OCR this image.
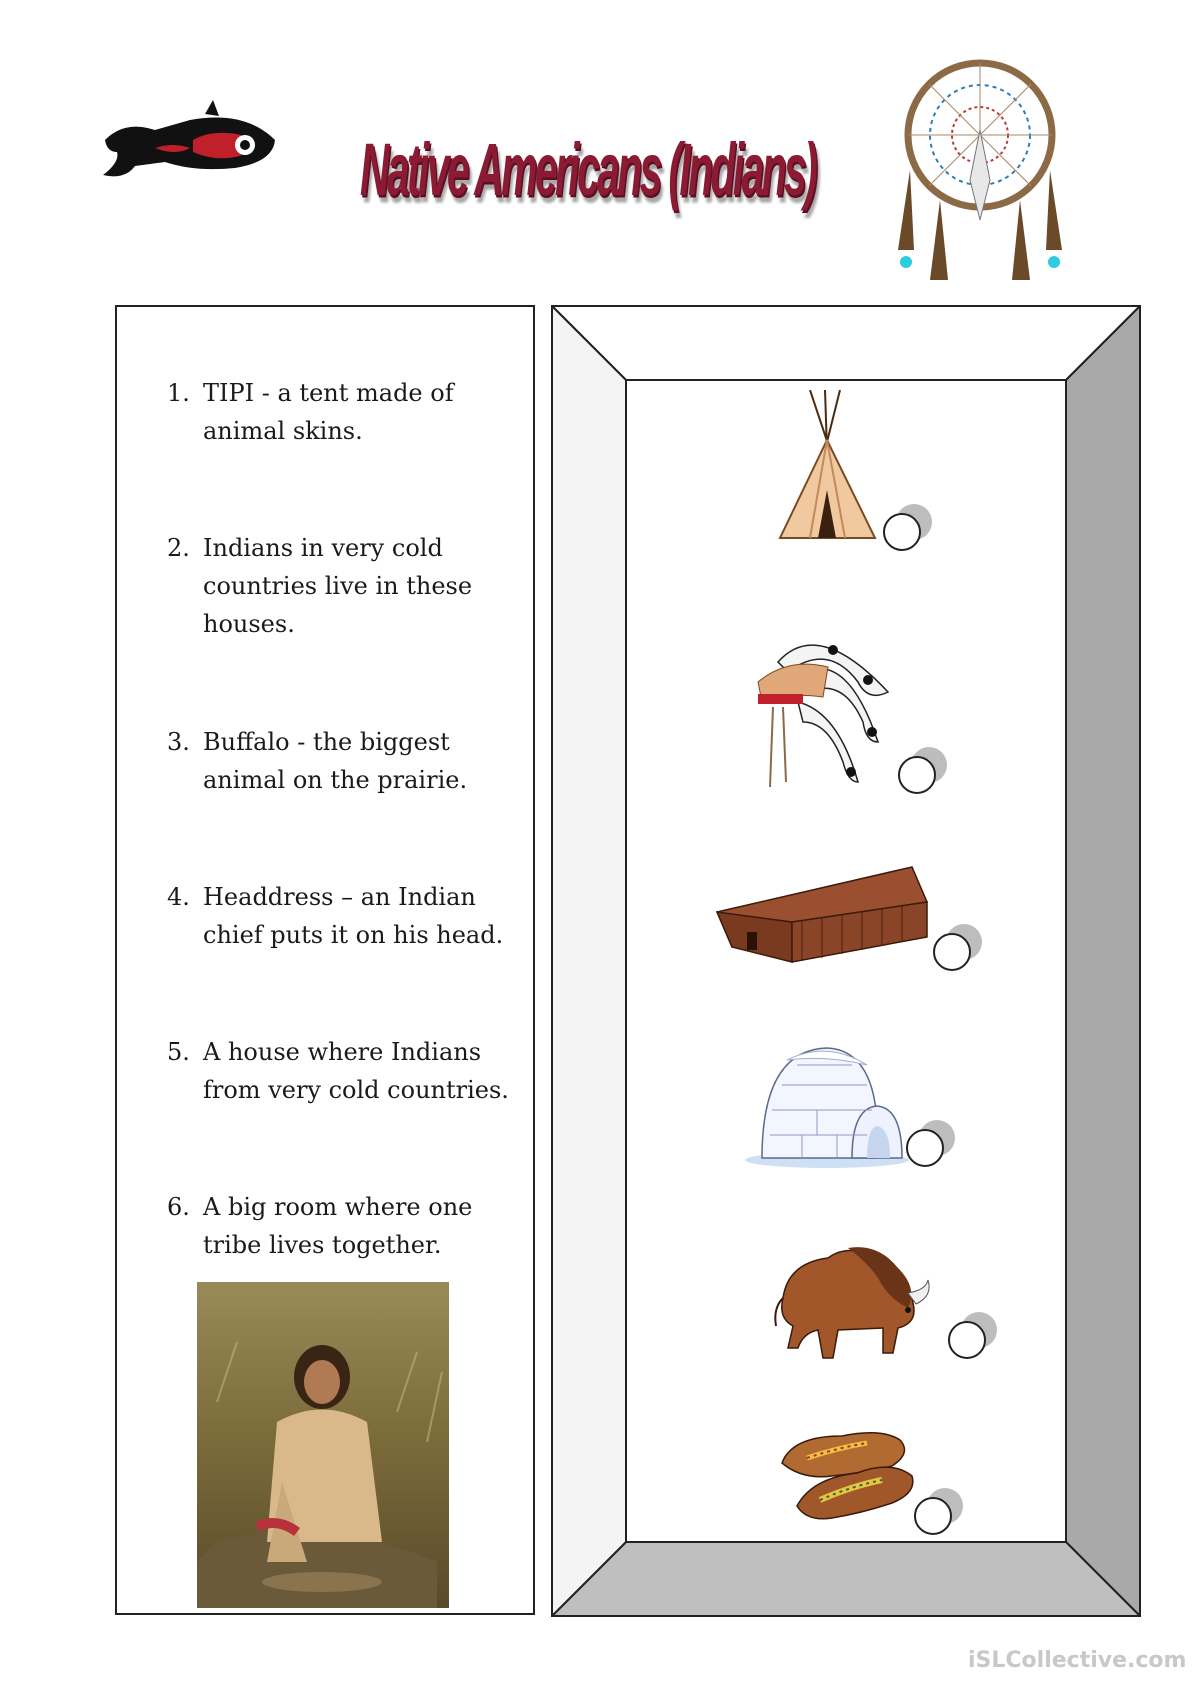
Native Americans (Indians)
1. TIPI - a tent made of animal skins.
2. Indians in very cold countries live in these houses.
3. Buffalo - the biggest animal on the prairie.
4. Headdress – an Indian chief puts it on his head.
5. A house where Indians from very cold countries.
6. A big room where one tribe lives together.
iSLCollective.com
